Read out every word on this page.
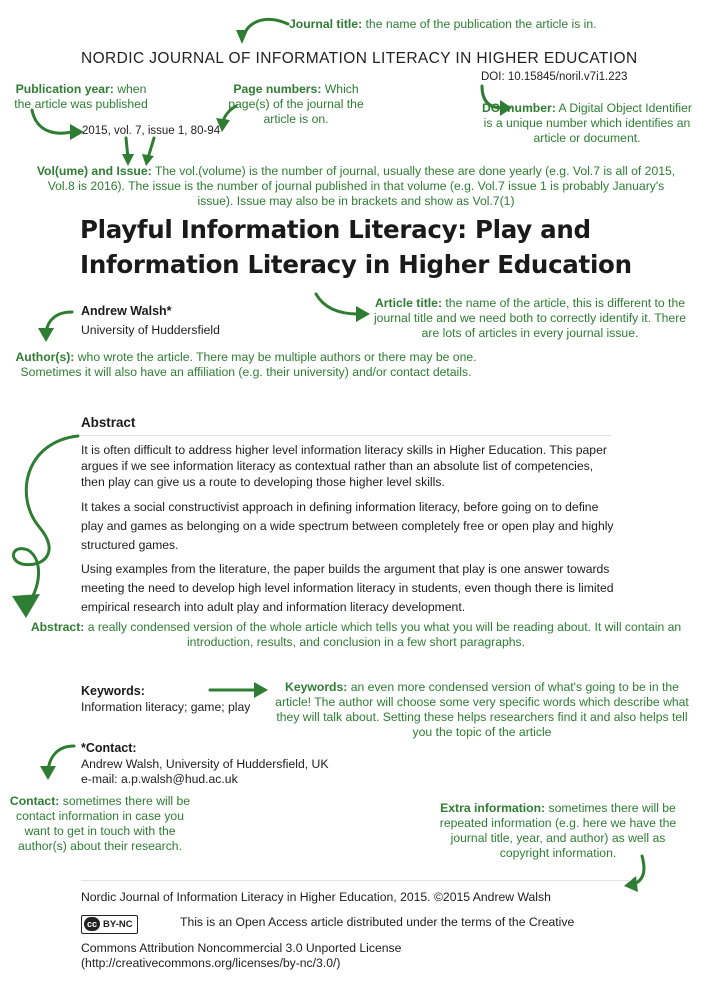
Journal title: the name of the publication the article is in.
NORDIC JOURNAL OF INFORMATION LITERACY IN HIGHER EDUCATION
DOI: 10.15845/noril.v7i1.223
Publication year: when the article was published
Page numbers: Which page(s) of the journal the article is on.
2015, vol. 7, issue 1, 80-94
DOI number: A Digital Object Identifier is a unique number which identifies an article or document.
Vol(ume) and Issue: The vol.(volume) is the number of journal, usually these are done yearly (e.g. Vol.7 is all of 2015, Vol.8 is 2016). The issue is the number of journal published in that volume (e.g. Vol.7 issue 1 is probably January's issue). Issue may also be in brackets and show as Vol.7(1)
Playful Information Literacy: Play and
Information Literacy in Higher Education
Andrew Walsh*
University of Huddersfield
Article title: the name of the article, this is different to the journal title and we need both to correctly identify it. There are lots of articles in every journal issue.
Author(s): who wrote the article. There may be multiple authors or there may be one. Sometimes it will also have an affiliation (e.g. their university) and/or contact details.
Abstract
It is often difficult to address higher level information literacy skills in Higher Education. This paper argues if we see information literacy as contextual rather than an absolute list of competencies, then play can give us a route to developing those higher level skills.
It takes a social constructivist approach in defining information literacy, before going on to define play and games as belonging on a wide spectrum between completely free or open play and highly structured games.
Using examples from the literature, the paper builds the argument that play is one answer towards meeting the need to develop high level information literacy in students, even though there is limited empirical research into adult play and information literacy development.
Abstract: a really condensed version of the whole article which tells you what you will be reading about. It will contain an introduction, results, and conclusion in a few short paragraphs.
Keywords:
Information literacy; game; play
Keywords: an even more condensed version of what's going to be in the article! The author will choose some very specific words which describe what they will talk about. Setting these helps researchers find it and also helps tell you the topic of the article
*Contact:
Andrew Walsh, University of Huddersfield, UK
e-mail: a.p.walsh@hud.ac.uk
Contact: sometimes there will be contact information in case you want to get in touch with the author(s) about their research.
Extra information: sometimes there will be repeated information (e.g. here we have the journal title, year, and author) as well as copyright information.
Nordic Journal of Information Literacy in Higher Education, 2015. ©2015 Andrew Walsh
cc BY-NC	This is an Open Access article distributed under the terms of the Creative
Commons Attribution Noncommercial 3.0 Unported License
(http://creativecommons.org/licenses/by-nc/3.0/)
